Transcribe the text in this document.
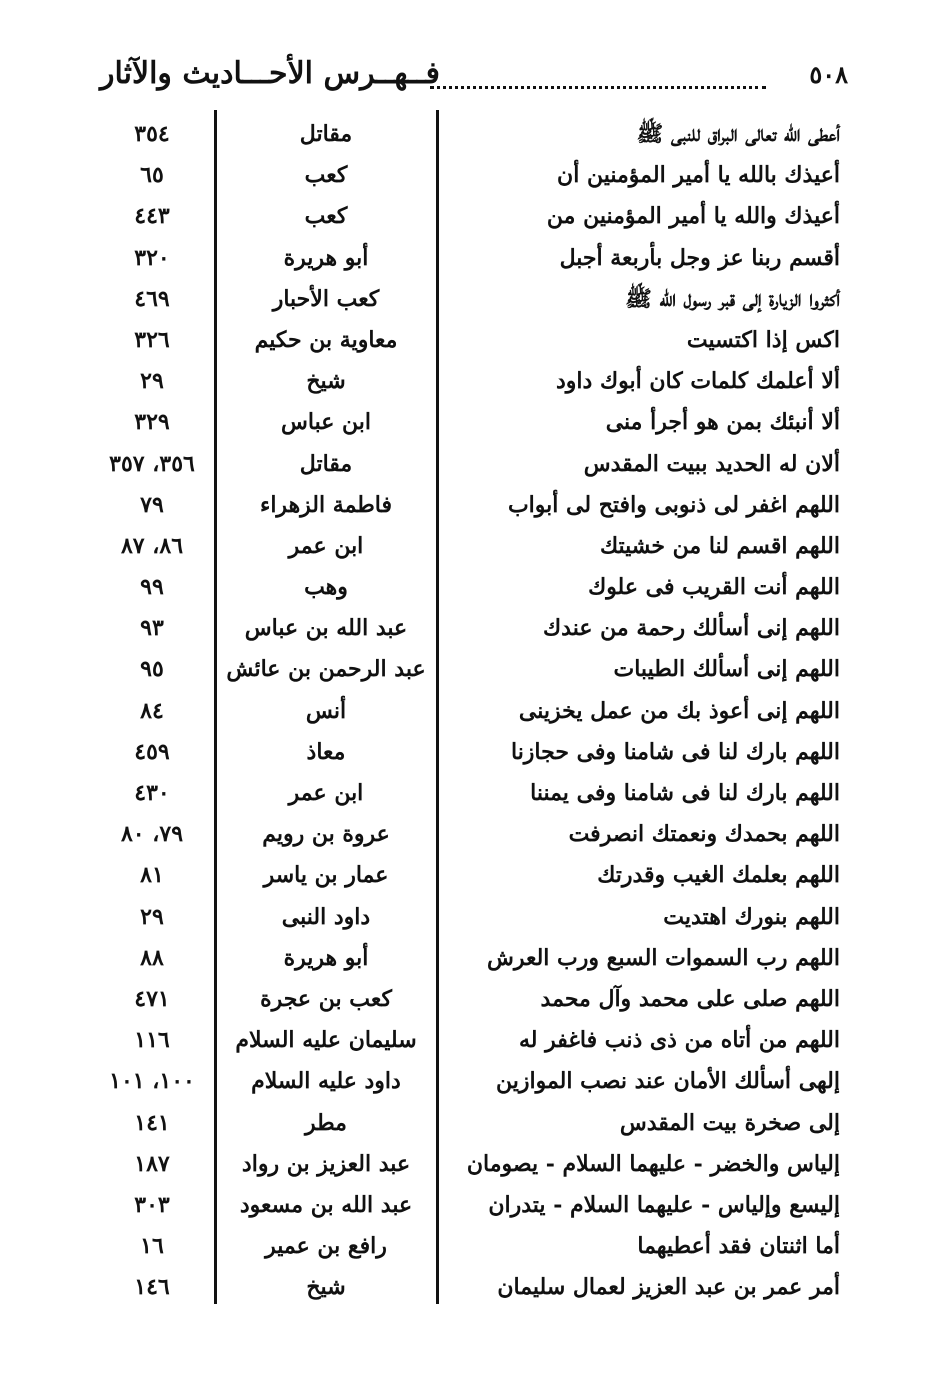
٥٠٨
فــهــرس الأحـــاديث والآثار
أعطى الله تعالى البراق للنبى ﷺ
مقاتل
٣٥٤
أعيذك بالله يا أمير المؤمنين أن
كعب
٦٥
أعيذك والله يا أمير المؤمنين من
كعب
٤٤٣
أقسم ربنا عز وجل بأربعة أجبل
أبو هريرة
٣٢٠
أكثروا الزيارة إلى قبر رسول الله ﷺ
كعب الأحبار
٤٦٩
اكس إذا اكتسيت
معاوية بن حكيم
٣٢٦
ألا أعلمك كلمات كان أبوك داود
شيخ
٢٩
ألا أنبئك بمن هو أجرأ منى
ابن عباس
٣٢٩
ألان له الحديد ببيت المقدس
مقاتل
٣٥٦، ٣٥٧
اللهم اغفر لى ذنوبى وافتح لى أبواب
فاطمة الزهراء
٧٩
اللهم اقسم لنا من خشيتك
ابن عمر
٨٦، ٨٧
اللهم أنت القريب فى علوك
وهب
٩٩
اللهم إنى أسألك رحمة من عندك
عبد الله بن عباس
٩٣
اللهم إنى أسألك الطيبات
عبد الرحمن بن عائش
٩٥
اللهم إنى أعوذ بك من عمل يخزينى
أنس
٨٤
اللهم بارك لنا فى شامنا وفى حجازنا
معاذ
٤٥٩
اللهم بارك لنا فى شامنا وفى يمننا
ابن عمر
٤٣٠
اللهم بحمدك ونعمتك انصرفت
عروة بن رويم
٧٩، ٨٠
اللهم بعلمك الغيب وقدرتك
عمار بن ياسر
٨١
اللهم بنورك اهتديت
داود النبى
٢٩
اللهم رب السموات السبع ورب العرش
أبو هريرة
٨٨
اللهم صلى على محمد وآل محمد
كعب بن عجرة
٤٧١
اللهم من أتاه من ذى ذنب فاغفر له
سليمان عليه السلام
١١٦
إلهى أسألك الأمان عند نصب الموازين
داود عليه السلام
١٠٠، ١٠١
إلى صخرة بيت المقدس
مطر
١٤١
إلياس والخضر - عليهما السلام - يصومان
عبد العزيز بن رواد
١٨٧
إليسع وإلياس - عليهما السلام - يتدران
عبد الله بن مسعود
٣٠٣
أما اثنتان فقد أعطيهما
رافع بن عمير
١٦
أمر عمر بن عبد العزيز لعمال سليمان
شيخ
١٤٦
